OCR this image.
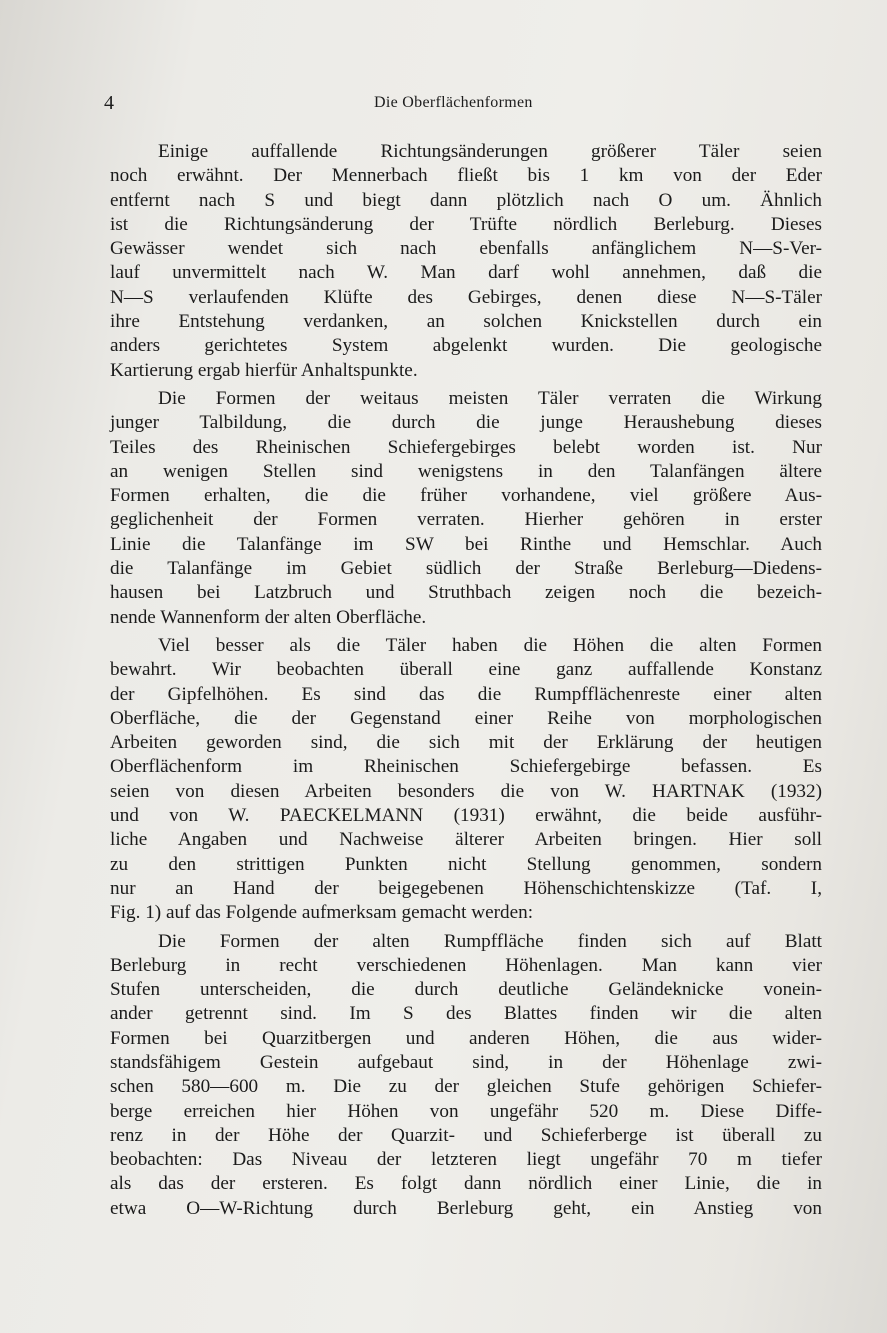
4	Die Oberflächenformen

Einige auffallende Richtungsänderungen größerer Täler seien
noch erwähnt. Der Mennerbach fließt bis 1 km von der Eder
entfernt nach S und biegt dann plötzlich nach O um. Ähnlich
ist die Richtungsänderung der Trüfte nördlich Berleburg. Dieses
Gewässer wendet sich nach ebenfalls anfänglichem N—S-Ver-
lauf unvermittelt nach W. Man darf wohl annehmen, daß die
N—S verlaufenden Klüfte des Gebirges, denen diese N—S-Täler
ihre Entstehung verdanken, an solchen Knickstellen durch ein
anders gerichtetes System abgelenkt wurden. Die geologische
Kartierung ergab hierfür Anhaltspunkte.

Die Formen der weitaus meisten Täler verraten die Wirkung
junger Talbildung, die durch die junge Heraushebung dieses
Teiles des Rheinischen Schiefergebirges belebt worden ist. Nur
an wenigen Stellen sind wenigstens in den Talanfängen ältere
Formen erhalten, die die früher vorhandene, viel größere Aus-
geglichenheit der Formen verraten. Hierher gehören in erster
Linie die Talanfänge im SW bei Rinthe und Hemschlar. Auch
die Talanfänge im Gebiet südlich der Straße Berleburg—Diedens-
hausen bei Latzbruch und Struthbach zeigen noch die bezeich-
nende Wannenform der alten Oberfläche.

Viel besser als die Täler haben die Höhen die alten Formen
bewahrt. Wir beobachten überall eine ganz auffallende Konstanz
der Gipfelhöhen. Es sind das die Rumpfflächenreste einer alten
Oberfläche, die der Gegenstand einer Reihe von morphologischen
Arbeiten geworden sind, die sich mit der Erklärung der heutigen
Oberflächenform im Rheinischen Schiefergebirge befassen. Es
seien von diesen Arbeiten besonders die von W. HARTNAK (1932)
und von W. PAECKELMANN (1931) erwähnt, die beide ausführ-
liche Angaben und Nachweise älterer Arbeiten bringen. Hier soll
zu den strittigen Punkten nicht Stellung genommen, sondern
nur an Hand der beigegebenen Höhenschichtenskizze (Taf. I,
Fig. 1) auf das Folgende aufmerksam gemacht werden:

Die Formen der alten Rumpffläche finden sich auf Blatt
Berleburg in recht verschiedenen Höhenlagen. Man kann vier
Stufen unterscheiden, die durch deutliche Geländeknicke vonein-
ander getrennt sind. Im S des Blattes finden wir die alten
Formen bei Quarzitbergen und anderen Höhen, die aus wider-
standsfähigem Gestein aufgebaut sind, in der Höhenlage zwi-
schen 580—600 m. Die zu der gleichen Stufe gehörigen Schiefer-
berge erreichen hier Höhen von ungefähr 520 m. Diese Diffe-
renz in der Höhe der Quarzit- und Schieferberge ist überall zu
beobachten: Das Niveau der letzteren liegt ungefähr 70 m tiefer
als das der ersteren. Es folgt dann nördlich einer Linie, die in
etwa O—W-Richtung durch Berleburg geht, ein Anstieg von
